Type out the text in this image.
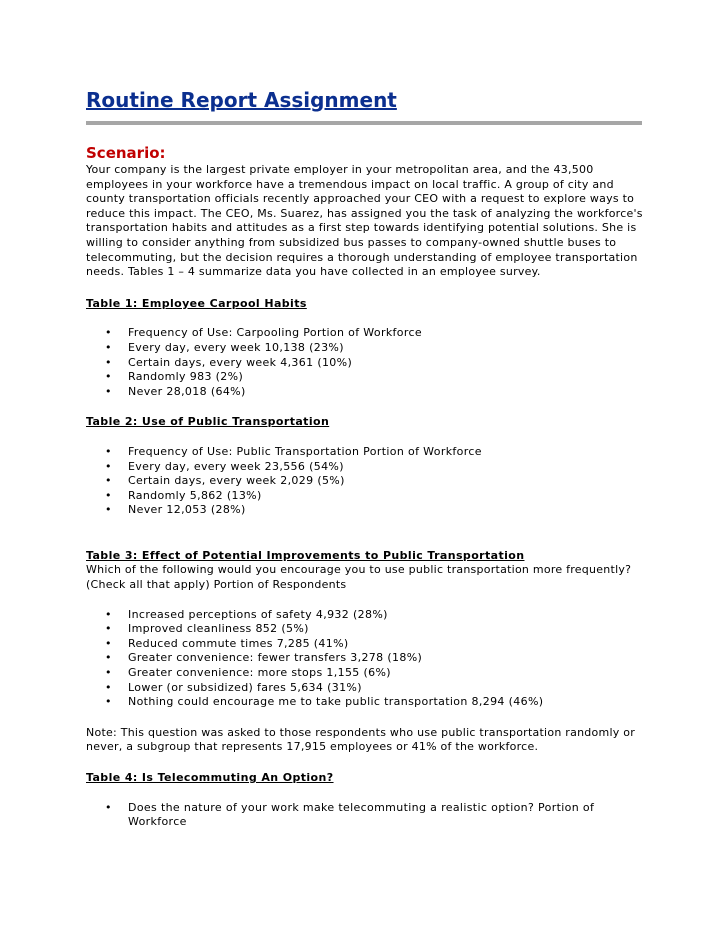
Routine Report Assignment
Scenario:

Your company is the largest private employer in your metropolitan area, and the 43,500 employees in your workforce have a tremendous impact on local traffic. A group of city and county transportation officials recently approached your CEO with a request to explore ways to reduce this impact. The CEO, Ms. Suarez, has assigned you the task of analyzing the workforce's transportation habits and attitudes as a first step towards identifying potential solutions. She is willing to consider anything from subsidized bus passes to company-owned shuttle buses to telecommuting, but the decision requires a thorough understanding of employee transportation needs. Tables 1 – 4 summarize data you have collected in an employee survey.

Table 1: Employee Carpool Habits

• Frequency of Use: Carpooling Portion of Workforce
• Every day, every week 10,138 (23%)
• Certain days, every week 4,361 (10%)
• Randomly 983 (2%)
• Never 28,018 (64%)

Table 2: Use of Public Transportation

• Frequency of Use: Public Transportation Portion of Workforce
• Every day, every week 23,556 (54%)
• Certain days, every week 2,029 (5%)
• Randomly 5,862 (13%)
• Never 12,053 (28%)

Table 3: Effect of Potential Improvements to Public Transportation

Which of the following would you encourage you to use public transportation more frequently? (Check all that apply) Portion of Respondents

• Increased perceptions of safety 4,932 (28%)
• Improved cleanliness 852 (5%)
• Reduced commute times 7,285 (41%)
• Greater convenience: fewer transfers 3,278 (18%)
• Greater convenience: more stops 1,155 (6%)
• Lower (or subsidized) fares 5,634 (31%)
• Nothing could encourage me to take public transportation 8,294 (46%)

Note: This question was asked to those respondents who use public transportation randomly or never, a subgroup that represents 17,915 employees or 41% of the workforce.

Table 4: Is Telecommuting An Option?

• Does the nature of your work make telecommuting a realistic option? Portion of Workforce
